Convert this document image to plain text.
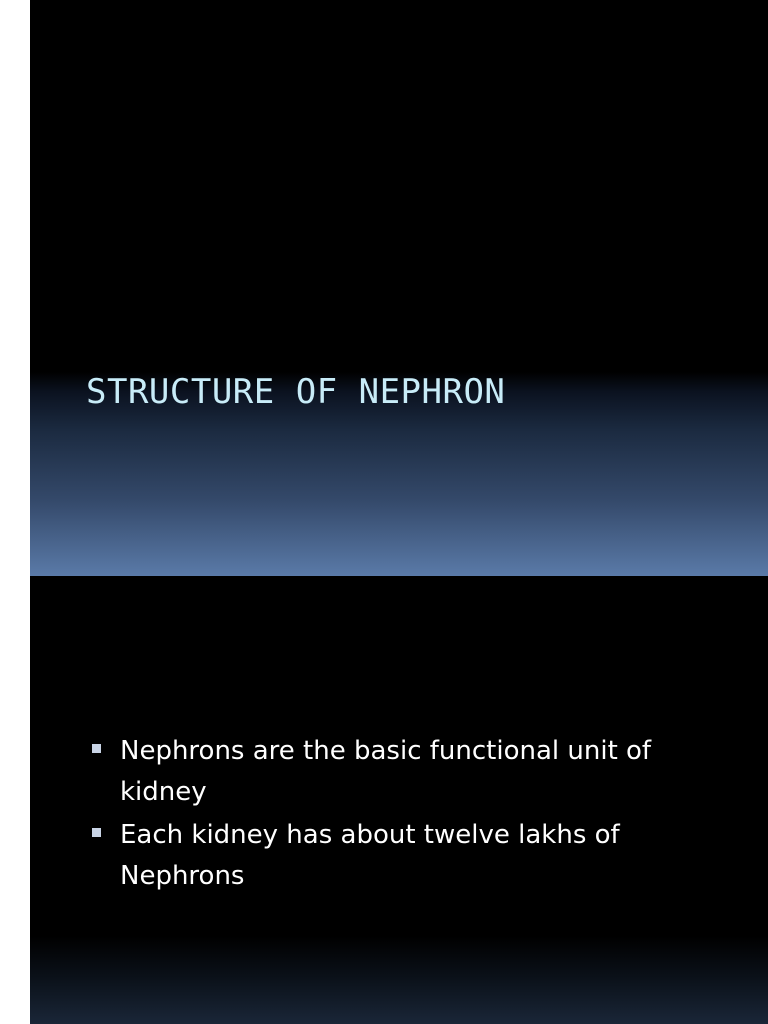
STRUCTURE OF NEPHRON
Nephrons are the basic functional unit of kidney
Each kidney has about twelve lakhs of Nephrons
